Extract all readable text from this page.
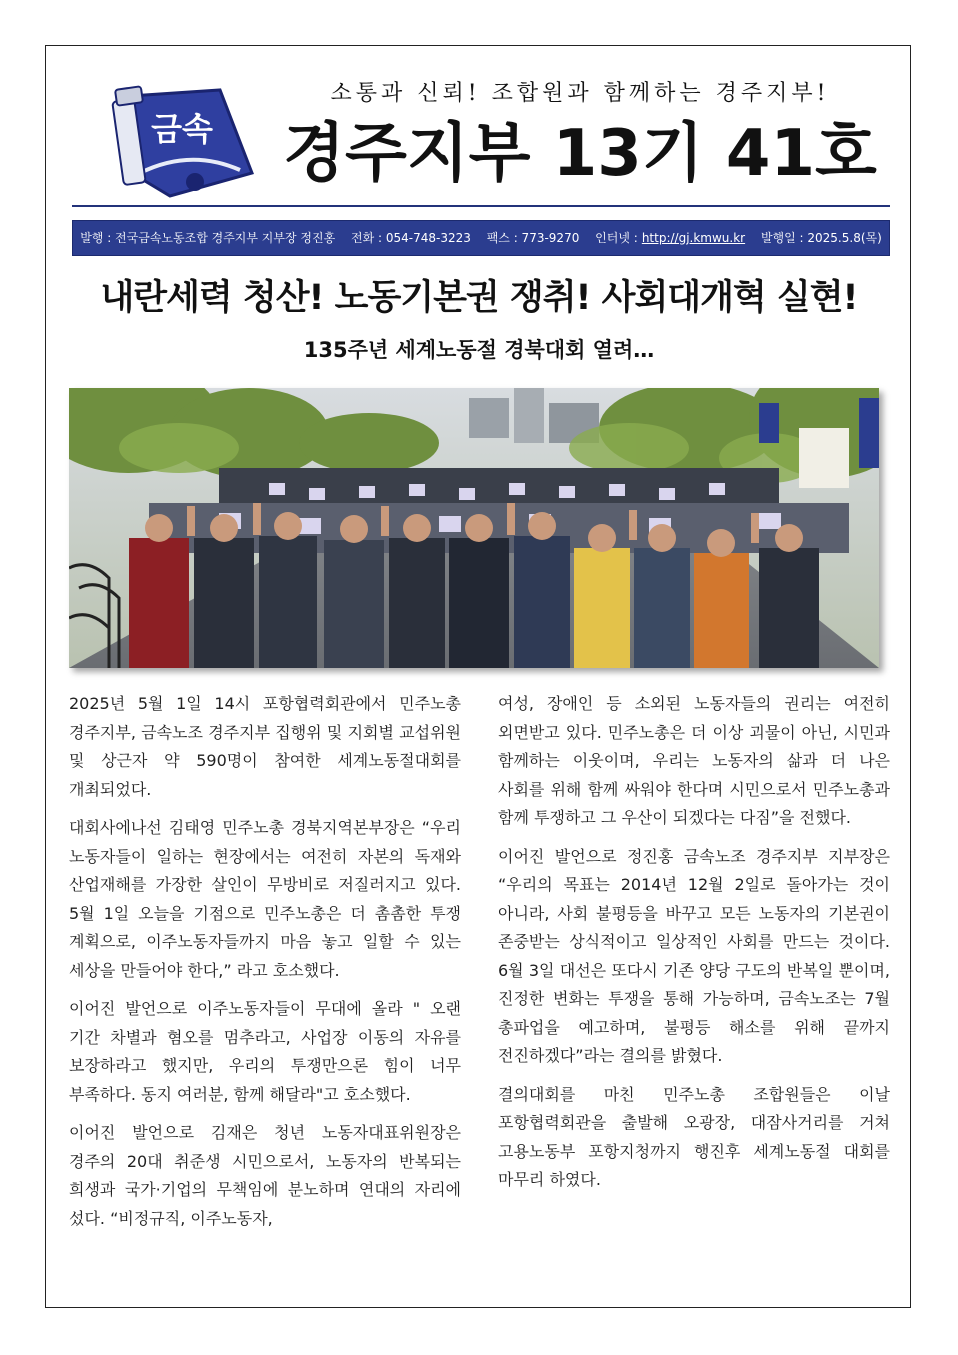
금속
소통과 신뢰! 조합원과 함께하는 경주지부!
경주지부 13기 41호
발행 : 전국금속노동조합 경주지부 지부장 정진홍 전화 : 054-748-3223 팩스 : 773-9270 인터넷 : http://gj.kmwu.kr 발행일 : 2025.5.8(목)
내란세력 청산! 노동기본권 쟁취! 사회대개혁 실현!
135주년 세계노동절 경북대회 열려…

2025년 5월 1일 14시 포항협력회관에서 민주노총 경주지부, 금속노조 경주지부 집행위 및 지회별 교섭위원 및 상근자 약 590명이 참여한 세계노동절대회를 개최되었다.

대회사에나선 김태영 민주노총 경북지역본부장은 “우리 노동자들이 일하는 현장에서는 여전히 자본의 독재와 산업재해를 가장한 살인이 무방비로 저질러지고 있다. 5월 1일 오늘을 기점으로 민주노총은 더 촘촘한 투쟁 계획으로, 이주노동자들까지 마음 놓고 일할 수 있는 세상을 만들어야 한다,” 라고 호소했다.

이어진 발언으로 이주노동자들이 무대에 올라 " 오랜 기간 차별과 혐오를 멈추라고, 사업장 이동의 자유를 보장하라고 했지만, 우리의 투쟁만으론 힘이 너무 부족하다. 동지 여러분, 함께 해달라"고 호소했다.

이어진 발언으로 김재은 청년 노동자대표위원장은 경주의 20대 취준생 시민으로서, 노동자의 반복되는 희생과 국가·기업의 무책임에 분노하며 연대의 자리에 섰다. “비정규직, 이주노동자,

여성, 장애인 등 소외된 노동자들의 권리는 여전히 외면받고 있다. 민주노총은 더 이상 괴물이 아닌, 시민과 함께하는 이웃이며, 우리는 노동자의 삶과 더 나은 사회를 위해 함께 싸워야 한다며 시민으로서 민주노총과 함께 투쟁하고 그 우산이 되겠다는 다짐”을 전했다.

이어진 발언으로 정진홍 금속노조 경주지부 지부장은 “우리의 목표는 2014년 12월 2일로 돌아가는 것이 아니라, 사회 불평등을 바꾸고 모든 노동자의 기본권이 존중받는 상식적이고 일상적인 사회를 만드는 것이다. 6월 3일 대선은 또다시 기존 양당 구도의 반복일 뿐이며, 진정한 변화는 투쟁을 통해 가능하며, 금속노조는 7월 총파업을 예고하며, 불평등 해소를 위해 끝까지 전진하겠다”라는 결의를 밝혔다.

결의대회를 마친 민주노총 조합원들은 이날 포항협력회관을 출발해 오광장, 대잠사거리를 거쳐 고용노동부 포항지청까지 행진후 세계노동절 대회를 마무리 하였다.
